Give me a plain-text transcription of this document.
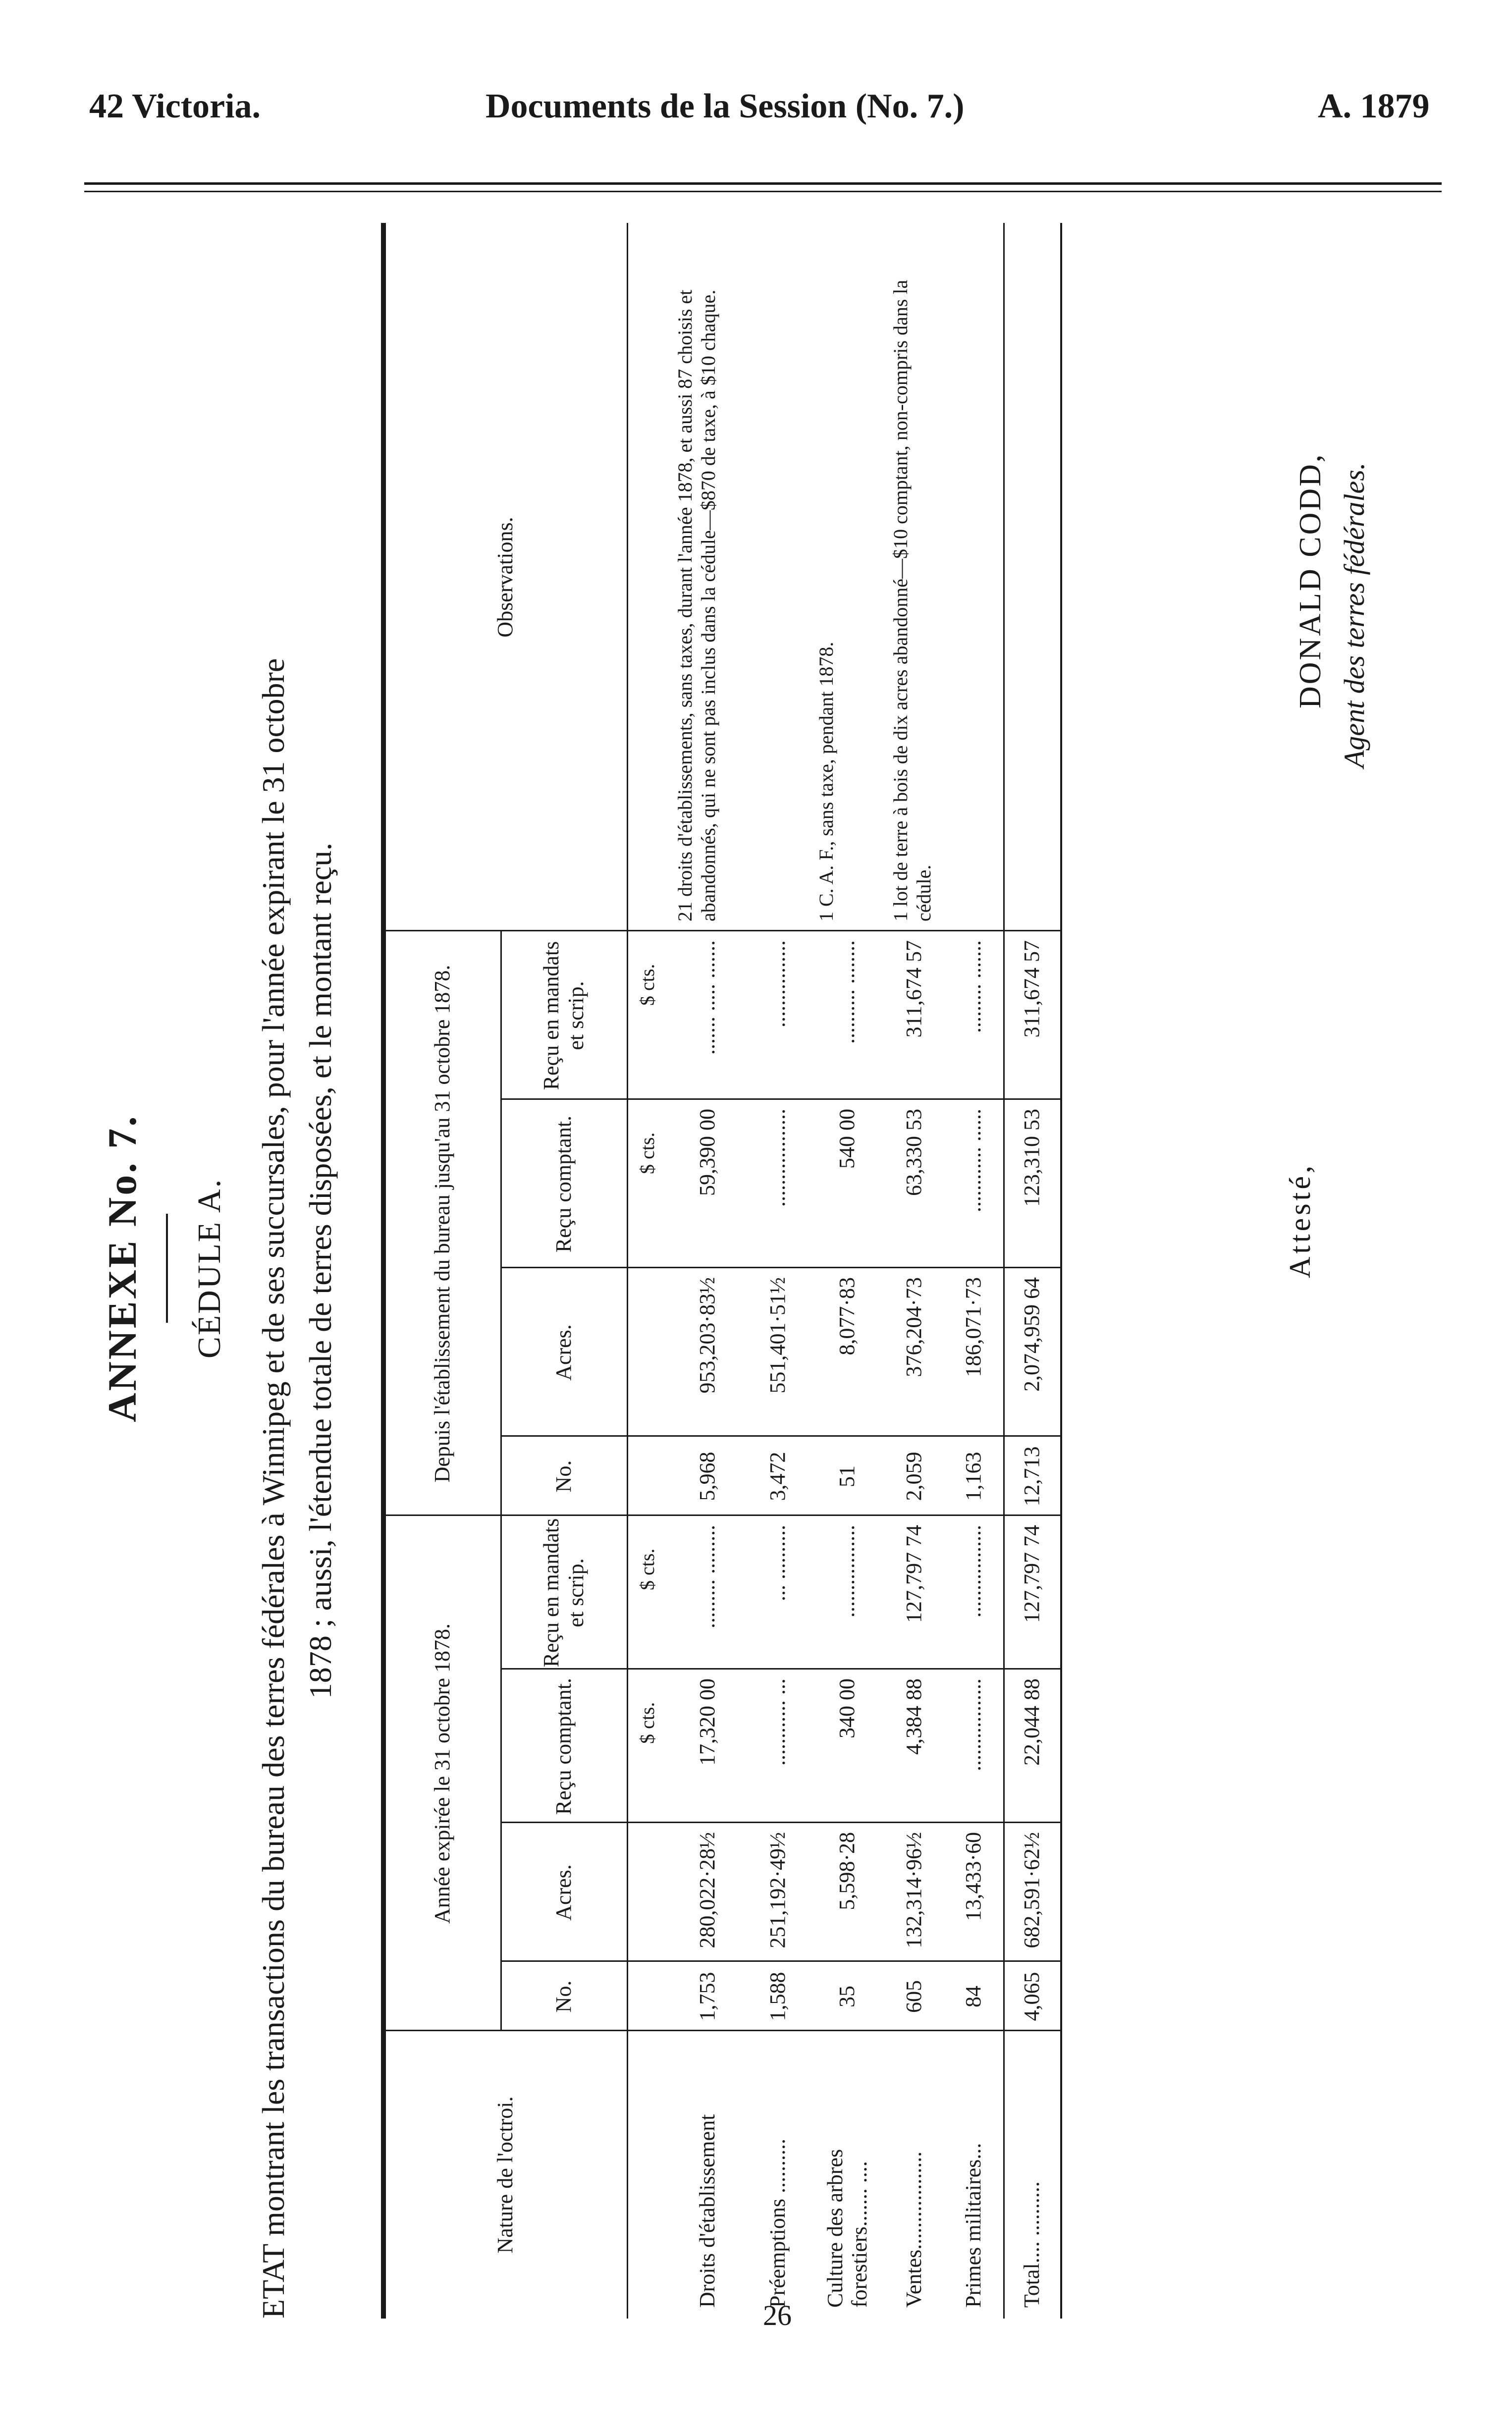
42 Victoria.	Documents de la Session (No. 7.)	A. 1879
ANNEXE No. 7. CÉDULE A. ETAT montrant les transactions du bureau des terres fédérales à Winnipeg et de ses succursales, pour l'année expirant le 31 octobre 1878 ; aussi, l'étendue totale de terres disposées, et le montant reçu.
Nature de l'octroi.
Année expirée le 31 octobre 1878.
Depuis l'établissement du bureau jusqu'au 31 octobre 1878.
Observations.
No.
Acres.
Reçu comptant.
Reçu en mandats et scrip.
No.
Acres.
Reçu comptant.
Reçu en mandats et scrip.
$ cts.
$ cts.
$ cts.
$ cts.
Droits d'établissement
1,753
280,022·28½
17,320 00
......... .........
5,968
953,203·83½
59,390 00
....... ..... .......
21 droits d'établissements, sans taxes, durant l'année 1878, et aussi 87 choisis et abandonnés, qui ne sont pas inclus dans la cédule—$870 de taxe, à $10 chaque.
Préemptions ..........
1,588
251,192·49½
............ ...
... ..........
3,472
551,401·51½
..................
................
Culture des arbres forestiers....... ....
35
5,598·28
340 00
.................
51
8,077·83
540 00
.......... ........
1 C. A. F., sans taxe, pendant 1878.
Ventes..................
605
132,314·96½
4,384 88
127,797 74
2,059
376,204·73
63,330 53
311,674 57
1 lot de terre à bois de dix acres abandonné—$10 comptant, non-compris dans la cédule.
Primes militaires...
84
13,433·60
.................
.................
1,163
186,071·73
............ ......
......... .......
Total.... ..........
4,065
682,591·62½
22,044 88
127,797 74
12,713
2,074,959 64
123,310 53
311,674 57
Attesté,
DONALD CODD, Agent des terres fédérales.
26
